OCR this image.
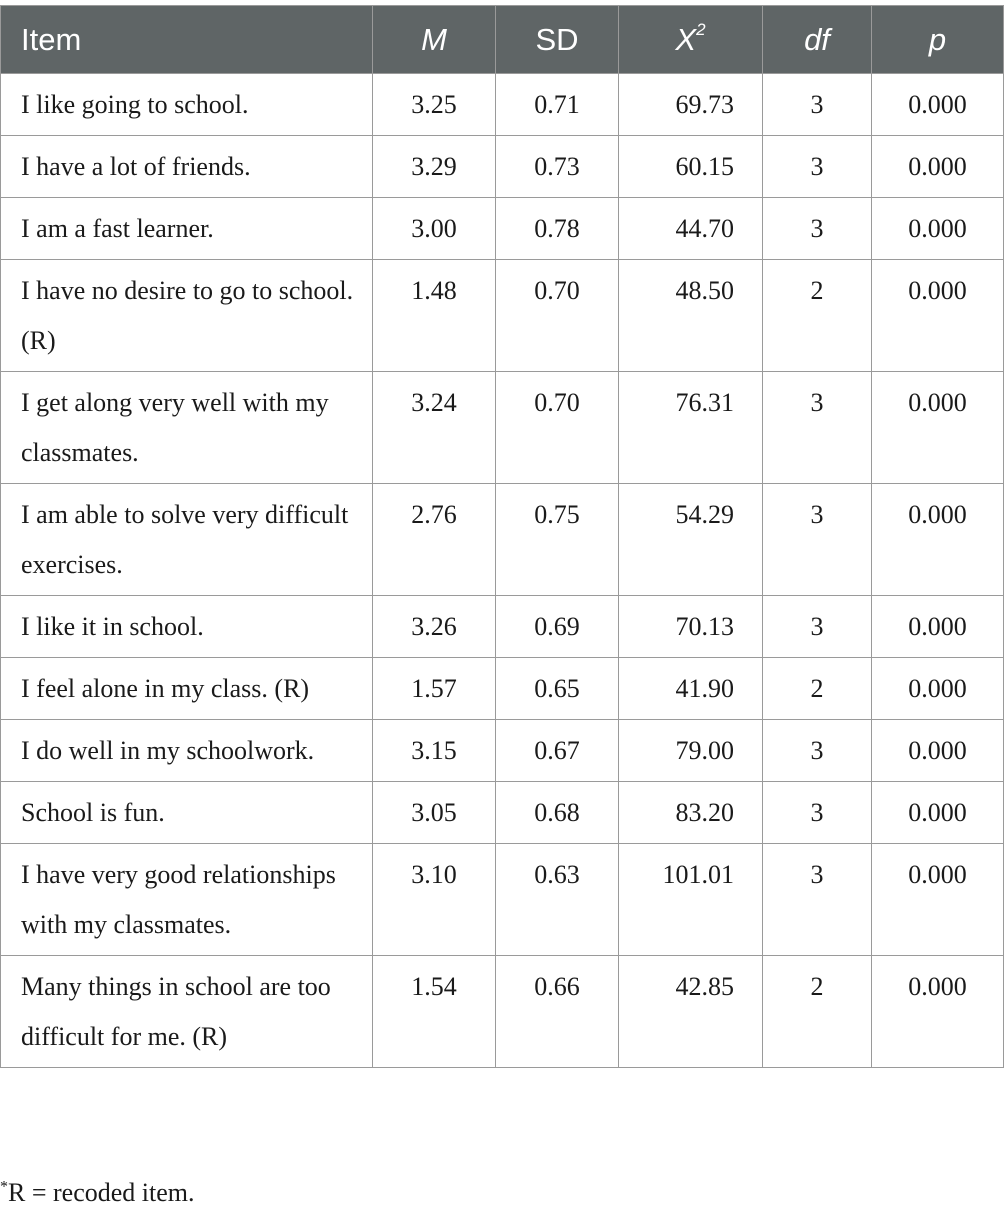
Item	M	SD	$X^2$	df	p
I like going to school.	3.25	0.71	69.73	3	0.000
I have a lot of friends.	3.29	0.73	60.15	3	0.000
I am a fast learner.	3.00	0.78	44.70	3	0.000
I have no desire to go to school. (R)	1.48	0.70	48.50	2	0.000
I get along very well with my classmates.	3.24	0.70	76.31	3	0.000
I am able to solve very difficult exercises.	2.76	0.75	54.29	3	0.000
I like it in school.	3.26	0.69	70.13	3	0.000
I feel alone in my class. (R)	1.57	0.65	41.90	2	0.000
I do well in my schoolwork.	3.15	0.67	79.00	3	0.000
School is fun.	3.05	0.68	83.20	3	0.000
I have very good relationships with my classmates.	3.10	0.63	101.01	3	0.000
Many things in school are too difficult for me. (R)	1.54	0.66	42.85	2	0.000
*R = recoded item.
